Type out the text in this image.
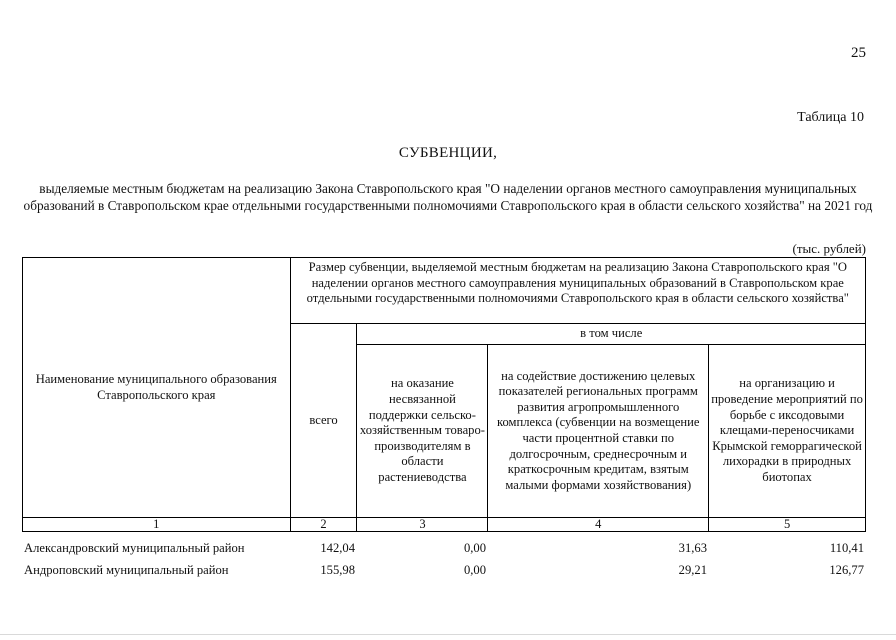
25
Таблица 10
СУБВЕНЦИИ,
выделяемые местным бюджетам на реализацию Закона Ставропольского края "О наделении органов местного самоуправления муниципальных образований в Ставропольском крае отдельными государственными полномочиями Ставропольского края в области сельского хозяйства" на 2021 год
(тыс. рублей)
Наименование муниципального образования Ставропольского края	Размер субвенции, выделяемой местным бюджетам на реализацию Закона Ставропольского края "О наделении органов местного самоуправления муниципальных образований в Ставропольском крае отдельными государственными полномочиями Ставропольского края в области сельского хозяйства"			
	всего	в том числе		
		на оказание несвязанной поддержки сельско-хозяйственным товаро-производителям в области растениеводства	на содействие достижению целевых показателей региональных программ развития агропромышленного комплекса (субвенции на возмещение части процентной ставки по долгосрочным, среднесрочным и краткосрочным кредитам, взятым малыми формами хозяйствования)	на организацию и проведение мероприятий по борьбе с иксодовыми клещами-переносчиками Крымской геморрагической лихорадки в природных биотопах
1	2	3	4	5
Александровский муниципальный район	142,04	0,00	31,63	110,41
Андроповский муниципальный район	155,98	0,00	29,21	126,77
